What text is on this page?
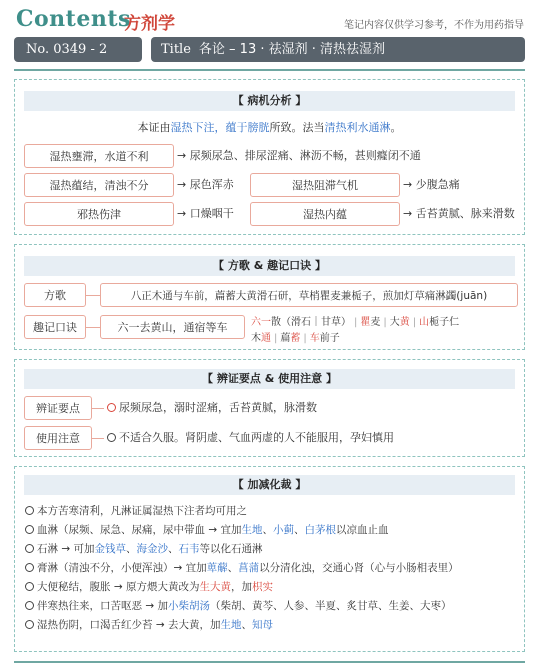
Contents
方剂学	笔记内容仅供学习参考，不作为用药指导
No. 0349 - 2	Title 各论 – 13 · 祛湿剂 · 清热祛湿剂
【 病机分析 】
本证由湿热下注，蕴于膀胱所致。法当清热利水通淋。
湿热壅滞，水道不利	→ 尿频尿急、排尿涩痛、淋沥不畅，甚则癃闭不通
湿热蕴结，清浊不分	→ 尿色浑赤	湿热阻滞气机	→ 少腹急痛
邪热伤津	→ 口燥咽干	湿热内蕴	→ 舌苔黄腻、脉来滑数
【 方歌 & 趣记口诀 】
方歌	八正木通与车前，萹蓄大黄滑石研，草梢瞿麦兼栀子，煎加灯草痛淋蠲(juān)
趣记口诀	六一去黄山，通宿等车	六一散（滑石｜甘草） | 瞿麦 | 大黄 | 山栀子仁
木通 | 萹蓄 | 车前子
【 辨证要点 & 使用注意 】
辨证要点	尿频尿急，溺时涩痛，舌苔黄腻，脉滑数
使用注意	不适合久服。肾阴虚、气血两虚的人不能服用，孕妇慎用
【 加减化裁 】
本方苦寒清利，凡淋证属湿热下注者均可用之
血淋（尿频、尿急、尿痛，尿中带血 → 宜加生地、小蓟、白茅根以凉血止血
石淋 → 可加金钱草、海金沙、石韦等以化石通淋
膏淋（清浊不分，小便浑浊）→ 宜加萆薢、菖蒲以分清化浊，交通心肾（心与小肠相表里）
大便秘结，腹胀 → 原方煨大黄改为生大黄，加枳实
伴寒热往来，口苦呕恶 → 加小柴胡汤（柴胡、黄芩、人参、半夏、炙甘草、生姜、大枣）
湿热伤阴，口渴舌红少苔 → 去大黄，加生地、知母
